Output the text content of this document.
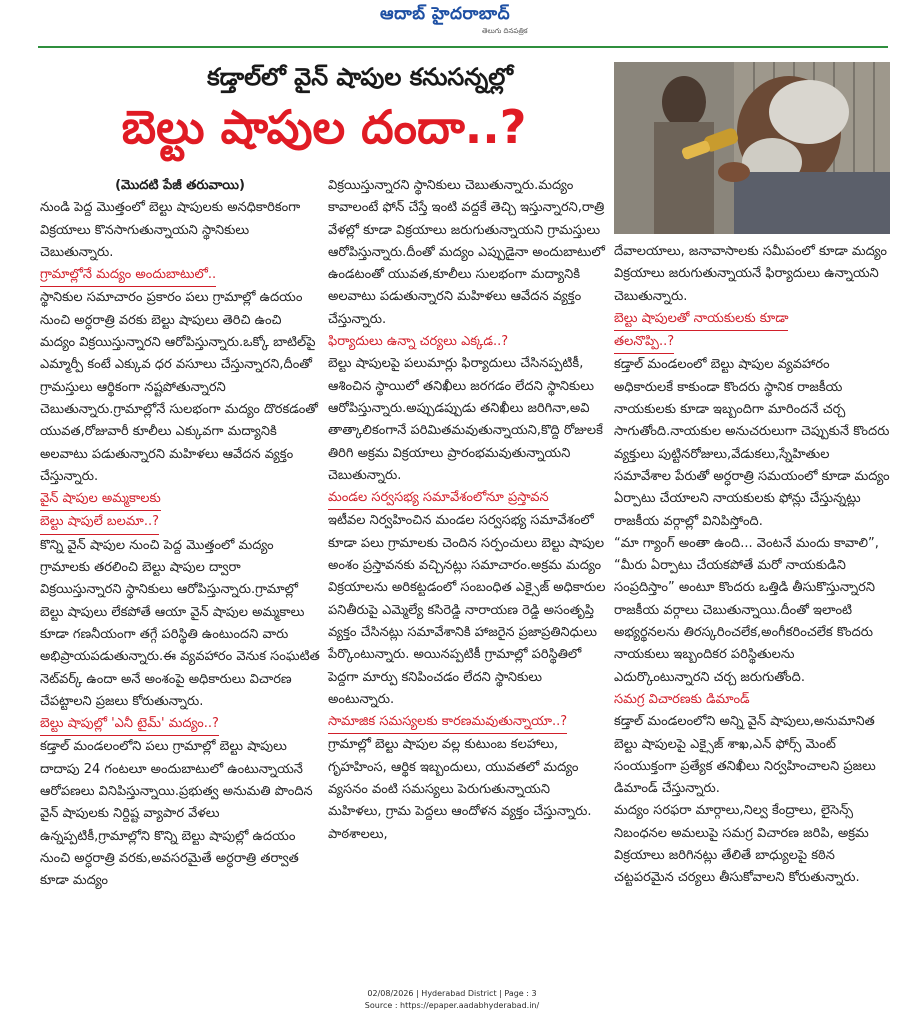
ఆదాబ్ హైదరాబాద్
తెలుగు దినపత్రిక
కడ్తాల్‌లో వైన్ షాపుల కనుసన్నల్లో
బెల్టు షాపుల దందా..?

(మొదటి పేజీ తరువాయి)

నుండి పెద్ద మొత్తంలో బెల్టు షాపులకు అనధికారికంగా విక్రయాలు కొనసాగుతున్నాయని స్థానికులు చెబుతున్నారు.

గ్రామాల్లోనే మద్యం అందుబాటులో..

స్థానికుల సమాచారం ప్రకారం పలు గ్రామాల్లో ఉదయం నుంచి అర్ధరాత్రి వరకు బెల్టు షాపులు తెరిచి ఉంచి మద్యం విక్రయిస్తున్నారని ఆరోపిస్తున్నారు.ఒక్కో బాటిల్‌పై ఎమ్మార్పీ కంటే ఎక్కువ ధర వసూలు చేస్తున్నారని,దీంతో గ్రామస్తులు ఆర్థికంగా నష్టపోతున్నారని చెబుతున్నారు.గ్రామాల్లోనే సులభంగా మద్యం దొరకడంతో యువత,రోజువారీ కూలీలు ఎక్కువగా మద్యానికి అలవాటు పడుతున్నారని మహిళలు ఆవేదన వ్యక్తం చేస్తున్నారు.

వైన్ షాపుల అమ్మకాలకు

బెల్టు షాపులే బలమా..?

కొన్ని వైన్ షాపుల నుంచి పెద్ద మొత్తంలో మద్యం గ్రామాలకు తరలించి బెల్టు షాపుల ద్వారా విక్రయిస్తున్నారని స్థానికులు ఆరోపిస్తున్నారు.గ్రామాల్లో బెల్టు షాపులు లేకపోతే ఆయా వైన్ షాపుల అమ్మకాలు కూడా గణనీయంగా తగ్గే పరిస్థితి ఉంటుందని వారు అభిప్రాయపడుతున్నారు.ఈ వ్యవహారం వెనుక సంఘటిత నెట్‌వర్క్ ఉందా అనే అంశంపై అధికారులు విచారణ చేపట్టాలని ప్రజలు కోరుతున్నారు.

బెల్టు షాపుల్లో 'ఎనీ టైమ్' మద్యం..?

కడ్తాల్ మండలంలోని పలు గ్రామాల్లో బెల్టు షాపులు దాదాపు 24 గంటలూ అందుబాటులో ఉంటున్నాయనే ఆరోపణలు వినిపిస్తున్నాయి.ప్రభుత్వ అనుమతి పొందిన వైన్ షాపులకు నిర్దిష్ట వ్యాపార వేళలు ఉన్నప్పటికీ,గ్రామాల్లోని కొన్ని బెల్టు షాపుల్లో ఉదయం నుంచి అర్ధరాత్రి వరకు,అవసరమైతే అర్ధరాత్రి తర్వాత కూడా మద్యం

విక్రయిస్తున్నారని స్థానికులు చెబుతున్నారు.మద్యం కావాలంటే ఫోన్ చేస్తే ఇంటి వద్దకే తెచ్చి ఇస్తున్నారని,రాత్రి వేళల్లో కూడా విక్రయాలు జరుగుతున్నాయని గ్రామస్తులు ఆరోపిస్తున్నారు.దీంతో మద్యం ఎప్పుడైనా అందుబాటులో ఉండటంతో యువత,కూలీలు సులభంగా మద్యానికి అలవాటు పడుతున్నారని మహిళలు ఆవేదన వ్యక్తం చేస్తున్నారు.

ఫిర్యాదులు ఉన్నా చర్యలు ఎక్కడ..?

బెల్టు షాపులపై పలుమార్లు ఫిర్యాదులు చేసినప్పటికీ, ఆశించిన స్థాయిలో తనిఖీలు జరగడం లేదని స్థానికులు ఆరోపిస్తున్నారు.అప్పుడప్పుడు తనిఖీలు జరిగినా,అవి తాత్కాలికంగానే పరిమితమవుతున్నాయని,కొద్ది రోజులకే తిరిగి అక్రమ విక్రయాలు ప్రారంభమవుతున్నాయని చెబుతున్నారు.

మండల సర్వసభ్య సమావేశంలోనూ ప్రస్తావన

ఇటీవల నిర్వహించిన మండల సర్వసభ్య సమావేశంలో కూడా పలు గ్రామాలకు చెందిన సర్పంచులు బెల్టు షాపుల అంశం ప్రస్తావనకు వచ్చినట్లు సమాచారం.అక్రమ మద్యం విక్రయాలను అరికట్టడంలో సంబంధిత ఎక్సైజ్ అధికారుల పనితీరుపై ఎమ్మెల్యే కసిరెడ్డి నారాయణ రెడ్డి అసంతృప్తి వ్యక్తం చేసినట్లు సమావేశానికి హాజరైన ప్రజాప్రతినిధులు పేర్కొంటున్నారు. అయినప్పటికీ గ్రామాల్లో పరిస్థితిలో పెద్దగా మార్పు కనిపించడం లేదని స్థానికులు అంటున్నారు.

సామాజిక సమస్యలకు కారణమవుతున్నాయా..?

గ్రామాల్లో బెల్టు షాపుల వల్ల కుటుంబ కలహాలు, గృహహింస, ఆర్థిక ఇబ్బందులు, యువతలో మద్యం వ్యసనం వంటి సమస్యలు పెరుగుతున్నాయని మహిళలు, గ్రామ పెద్దలు ఆందోళన వ్యక్తం చేస్తున్నారు. పాఠశాలలు,

దేవాలయాలు, జనావాసాలకు సమీపంలో కూడా మద్యం విక్రయాలు జరుగుతున్నాయనే ఫిర్యాదులు ఉన్నాయని చెబుతున్నారు.

బెల్టు షాపులతో నాయకులకు కూడా

తలనొప్పి..?

కడ్తాల్ మండలంలో బెల్టు షాపుల వ్యవహారం అధికారులకే కాకుండా కొందరు స్థానిక రాజకీయ నాయకులకు కూడా ఇబ్బందిగా మారిందనే చర్చ సాగుతోంది.నాయకుల అనుచరులుగా చెప్పుకునే కొందరు వ్యక్తులు పుట్టినరోజులు,వేడుకలు,స్నేహితుల సమావేశాల పేరుతో అర్ధరాత్రి సమయంలో కూడా మద్యం ఏర్పాటు చేయాలని నాయకులకు ఫోన్లు చేస్తున్నట్లు రాజకీయ వర్గాల్లో వినిపిస్తోంది.

“మా గ్యాంగ్ అంతా ఉంది... వెంటనే మందు కావాలి”, “మీరు ఏర్పాటు చేయకపోతే మరో నాయకుడిని సంప్రదిస్తాం” అంటూ కొందరు ఒత్తిడి తీసుకొస్తున్నారని రాజకీయ వర్గాలు చెబుతున్నాయి.దీంతో ఇలాంటి అభ్యర్థనలను తిరస్కరించలేక,అంగీకరించలేక కొందరు నాయకులు ఇబ్బందికర పరిస్థితులను ఎదుర్కొంటున్నారని చర్చ జరుగుతోంది.

సమగ్ర విచారణకు డిమాండ్

కడ్తాల్ మండలంలోని అన్ని వైన్ షాపులు,అనుమానిత బెల్టు షాపులపై ఎక్సైజ్ శాఖ,ఎన్ ఫోర్స్ మెంట్ సంయుక్తంగా ప్రత్యేక తనిఖీలు నిర్వహించాలని ప్రజలు డిమాండ్ చేస్తున్నారు.

మద్యం సరఫరా మార్గాలు,నిల్వ కేంద్రాలు, లైసెన్స్ నిబంధనల అమలుపై సమగ్ర విచారణ జరిపి, అక్రమ విక్రయాలు జరిగినట్లు తేలితే బాధ్యులపై కఠిన చట్టపరమైన చర్యలు తీసుకోవాలని కోరుతున్నారు.

02/08/2026 | Hyderabad District | Page : 3
Source : https://epaper.aadabhyderabad.in/
